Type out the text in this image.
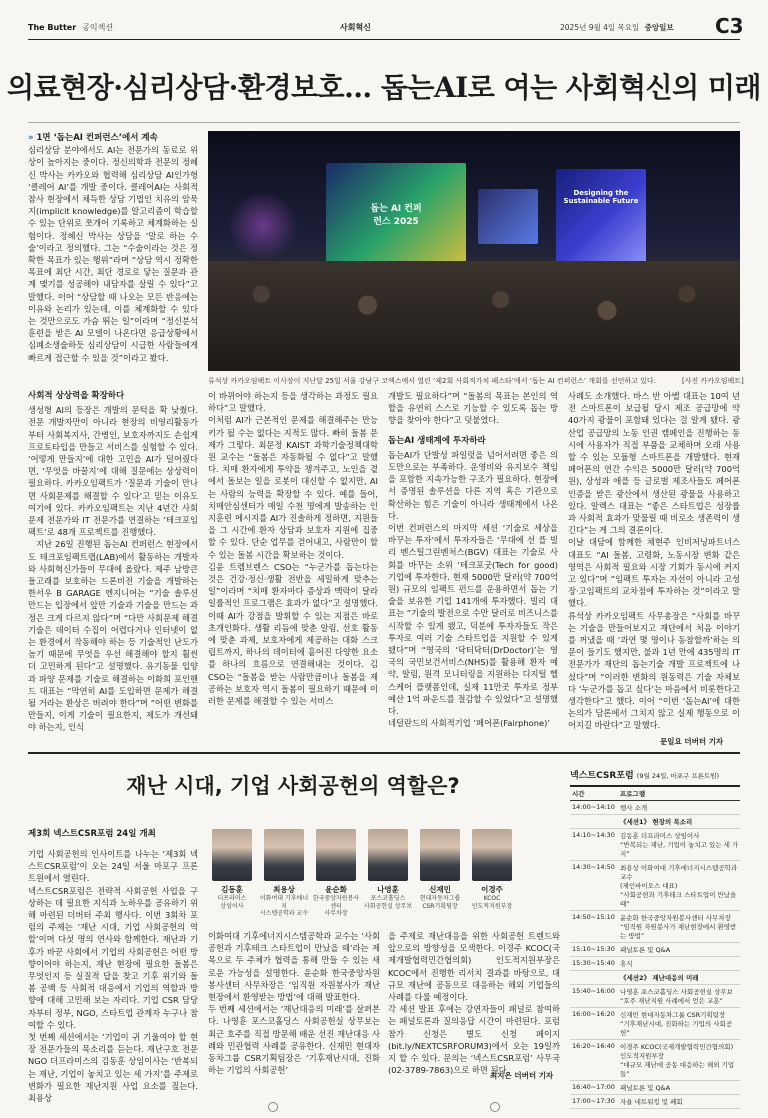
The Butter 공익섹션	사회혁신	2025년 9월 4일 목요일 중앙일보 C3
의료현장·심리상담·환경보호… 돕는AI로 여는 사회혁신의 미래
» 1면 ‘돕는AI 컨퍼런스’에서 계속
심리상담 분야에서도 AI는 전문가의 동료로 위상이 높아지는 중이다. 정신의학과 전문의 정혜신 박사는 카카오와 협력해 심리상담 AI인가형 ‘클레어 AI’를 개발 중이다. 클레어AI는 사회적 참사 현장에서 체득한 상담 기법인 치유의 암묵지(implicit knowledge)를 알고리즘이 학습할 수 있는 단위로 쪼개어 기록하고 체계화하는 실험이다. 정혜신 박사는 상담을 ‘말로 하는 수술’이라고 정의했다. 그는 “수술이라는 것은 정확한 목표가 있는 행위”라며 “상담 역시 정확한 목표에 최단 시간, 최단 경로로 닿는 질문과 관계 맺기를 성공해야 내담자를 살릴 수 있다”고 말했다. 이어 “상담할 때 나오는 모든 반응에는 이유와 논리가 있는데, 이를 체계화할 수 있다는 것만으로도 가슴 뛰는 일”이라며 “정신분석 훈련을 받은 AI 모델이 나온다면 응급상황에서 심폐소생술하듯 심리상담이 시급한 사람들에게 빠르게 접근할 수 있을 것”이라고 봤다.
돕는 AI 컨퍼런스 2025
Designing the Sustainable Future
류석상 카카오임팩트 이사장이 지난달 25일 서울 강남구 코엑스에서 열린 ‘제2회 사회적가치 페스타’에서 ‘돕는 AI 컨퍼런스’ 개회를 선언하고 있다.	[사진 카카오임팩트]
사회적 상상력을 확장하다
생성형 AI의 등장은 개발의 문턱을 확 낮췄다. 전문 개발자만이 아니라 현장의 비영리활동가부터 사회복지사, 간병인, 보호자까지도 손쉽게 프로토타입을 만들고 서비스를 실험할 수 있다. ‘어떻게 만들지’에 대한 고민을 AI가 덜어줬다면, ‘무엇을 바꿀지’에 대해 질문에는 상상력이 필요하다. 카카오임팩트가 ‘질문과 기술이 만나면 사회문제를 해결할 수 있다’고 믿는 이유도 여기에 있다. 카카오임팩트는 지난 4년간 사회문제 전문가와 IT 전문가를 연결하는 ‘테크포임팩트’로 48개 프로젝트를 진행했다.
지난 26일 진행된 돕는AI 컨퍼런스 현장에서도 테크포임팩트랩(LAB)에서 활동하는 개발자와 사회혁신가들이 무대에 올랐다. 제주 남방큰돌고래를 보호하는 드론비전 기술을 개발하는 한서우 B GARAGE 엔지니어는 “기술 솔루션 만드는 입장에서 앞만 기술과 기술을 만드는 과정은 크게 다르지 않다”며 “다만 사회문제 해결 기술은 데이터 수집이 어렵다거나 인터넷이 없는 환경에서 작동해야 하는 등 기술적인 난도가 높기 때문에 무엇을 우선 해결해야 할지 훨씬 더 고민하게 된다”고 설명했다. 유기동물 입양과 파양 문제를 기술로 해결하는 이화희 포인핸드 대표는 “막연히 AI를 도입하면 문제가 해결될 거라는 환상은 버려야 한다”며 “어떤 변화를 만들지, 이게 기술이 필요한지, 제도가 개선돼야 하는지, 인식
이 바뀌어야 하는지 등을 생각하는 과정도 필요하다”고 말했다.
이처럼 AI가 근본적인 문제를 해결해주는 만능키가 될 수는 없다는 지적도 많다. 빠히 돌봄 문제가 그렇다. 최문정 KAIST 과학기술정책대학원 교수는 “돌봄은 자동화될 수 없다”고 말했다. 치매 환자에게 투약을 챙겨주고, 노인을 곁에서 돌보는 일을 로봇이 대신할 수 없지만, AI는 사람의 능력을 확장할 수 있다. 예를 들어, 치매안심센터가 매일 수천 명에게 발송하는 인지훈련 메시지를 AI가 진솔하게 정하면, 지원들을 그 시간에 환자 상담과 보호자 지원에 집중할 수 있다. 단순 업무를 걷어내고, 사람만이 할 수 있는 돌봄 시간을 확보하는 것이다.
김윤 트렘브렌스 CSO는 “누군가를 돕는다는 것은 건강·정신·생활 전반을 세밀하게 맞추는 일”이라며 “치매 환자마다 증상과 맥락이 달라 일률적인 프로그램은 효과가 없다”고 설명했다. 이때 AI가 강점을 발휘할 수 있는 지점은 바로 초개인화다. 생활 리듬에 맞춘 알림, 선호 활동에 맞춘 과제, 보호자에게 제공하는 대화 스크립트까지, 하나의 데이터에 흩어진 다양한 요소를 하나의 흐름으로 연결해내는 것이다. 김 CSO는 “돌봄을 받는 사람만큼이나 돌봄을 제공하는 보호자 역시 돌봄이 필요하기 때문에 이러한 문제를 해결할 수 있는 서비스
개발도 필요하다”며 “돌봄의 목표는 본인의 역할을 유연히 스스로 기능할 수 있도록 돕는 방향을 찾아야 한다”고 덧붙였다.
돕는AI 생태계에 투자하라
돕는AI가 단발성 파일럿을 넘어서려면 좋은 의도만으로는 부족하다. 운영비와 유지보수 책임을 포함한 지속가능한 구조가 필요하다. 현장에서 증명된 솔루션을 다른 지역 혹은 기관으로 확산하는 힘은 기술이 아니라 생태계에서 나온다.
이번 컨퍼런스의 마지막 세션 ‘기술로 세상을 바꾸는 투자’에서 투자자들은 ‘무대에 선 플 빌리 벤스틸그린벤처스(BGV) 대표는 기술로 사회를 바꾸는 소위 ‘테크포굿(Tech for good) 기업에 투자한다. 현재 5000만 달러(약 700억원) 규모의 임팩트 펀드를 운용하면서 돕는 기술을 보유한 기업 141개에 투자했다. 빌리 대표는 “기술의 발전으로 수만 달러로 비즈니스를 시작할 수 있게 됐고, 덕분에 투자자들도 작은 투자로 여러 기술 스타트업을 지원할 수 있게 됐다”며 “영국의 ‘닥터닥터(DrDoctor)’는 영국의 국민보건서비스(NHS)를 활용해 환자 예약, 알림, 원격 모니터링을 지원하는 디지털 헬스케어 플랫폼인데, 실제 11만곳 투자로 정부 예산 1억 파운드를 절감할 수 있었다”고 설명했다.
네덜란드의 사회적기업 ‘페어폰(Fairphone)’
사례도 소개했다. 바스 반 아벨 대표는 10여 년 전 스마트폰이 보급될 당시 제조 공급망에 약 40가지 광물이 포함돼 있다는 걸 알게 됐다. 광산업 공급망의 노동 인권 캠페인을 진행하는 동시에 사용자가 직접 부품을 교체하며 오래 사용할 수 있는 모듈형 스마트폰을 개발했다. 현재 페어폰의 연간 수익은 5000만 달러(약 700억원), 상성과 애플 등 글로벌 제조사들도 페어폰 인증을 받은 광산에서 생산된 광물을 사용하고 있다. 알렉스 대표는 “좋은 스타트업은 성장률과 사회적 효과가 맞물릴 때 비로소 생존력이 생긴다”는 게 그의 결론이다.
이날 대담에 함께한 채현주 인비저닝파트너스 대표도 “AI 돌봄, 고령화, 노동시장 변화 같은 영역은 사회적 필요와 시장 기회가 동시에 커지고 있다”며 “임팩트 투자는 자선이 아니라 고성장·고임팩트의 교차점에 투자하는 것”이라고 말했다.
류석상 카카오임팩트 사무총장은 “사회를 바꾸는 기술을 만들어보지고 재단에서 처음 이야기를 꺼냈을 때 ‘과연 몇 명이나 동참할까’하는 의문이 들기도 했지만, 불과 1년 만에 435명의 IT전문가가 재단의 돕는기술 개발 프로젝트에 나섰다”며 “이러한 변화의 원동력은 기술 자체보다 ‘누군가를 돕고 싶다’는 마음에서 비롯한다고 생각한다”고 했다. 이어 “이번 ‘돕는AI’에 대한 논의가 담론에서 그치지 않고 실제 행동으로 이어지길 바란다”고 말했다.
문일요 더버터 기자
재난 시대, 기업 사회공헌의 역할은?
제3회 넥스트CSR포럼 24일 개최
기업 사회공헌의 인사이트를 나누는 ‘제3회 넥스트CSR포럼’이 오는 24일 서울 마포구 프론트원에서 열린다.
넥스트CSR포럼은 전략적 사회공헌 사업을 구상하는 데 필요한 지식과 노하우를 공유하기 위해 마련된 더버터 주최 행사다. 이번 3회차 포럼의 주제는 ‘재난 시대, 기업 사회공헌의 역할’이며 다섯 명의 연사와 함께한다. 재난과 기후가 바꾼 사회에서 기업의 사회공헌은 어떤 방향이어야 하는지, 재난 현장에 필요한 돌봄은 무엇인지 등 실질적 답을 찾고 기후 위기와 돌봄 공백 등 사회적 대응에서 기업의 역할과 방향에 대해 고민해 보는 자리다. 기업 CSR 담당자부터 정부, NGO, 스타트업 관계자 누구나 참여할 수 있다.
첫 번째 세션에서는 ‘기업이 귀 기울여야 할 현장 전문가들의 목소리를 듣는다. 재난구호 전문 NGO 더프라미스의 김동훈 상임이사는 ‘반복되는 재난, 기업이 놓치고 있는 세 가지’를 주제로 변화가 필요한 재난지원 사업 요소를 짚는다. 최용상
김동훈
더프라미스
상임이사
최용상
이화여대 기후에너지
시스템공학과 교수
윤순화
한국중앙자원봉사센터
사무차장
나영훈
포스코홀딩스
사회공헌실 상무보
신재민
현대자동차그룹
CSR기획팀장
이경주
KCOC
인도적지원부장
이화여대 기후에너지시스템공학과 교수는 ‘사회공헌과 기후테크 스타트업이 만났을 때’라는 제목으로 두 주체가 협력을 통해 만들 수 있는 새로운 가능성을 설명한다. 윤순화 한국중앙자원봉사센터 사무차장은 ‘임직원 자원봉사가 재난현장에서 환영받는 방법’에 대해 발표한다.
두 번째 세션에서는 ‘재난대응의 미래’를 살펴본다. 나영훈 포스코홀딩스 사회공헌실 상무보는 최근 호주를 직접 방문해 배운 선진 재난대응 사례와 민관협력 사례를 공유한다. 신재민 현대자동차그룹 CSR기획팀장은 ‘기후재난시대, 진화하는 기업의 사회공헌’
을 주제로 재난대응을 위한 사회공헌 트렌드와 앞으로의 방향성을 모색한다. 이경주 KCOC(국제개발협력민간협의회) 인도적지원부장은 KCOC에서 진행한 리서치 결과를 바탕으로, 대규모 재난에 공동으로 대응하는 해외 기업들의 사례를 다룰 예정이다.
각 세션 발표 후에는 강연자들이 패널로 참여하는 패널토론과 질의응답 시간이 마련된다. 포럼 참가 신청은 별도 신청 페이지(bit.ly/NEXTCSRFORUM3)에서 오는 19일까지 할 수 있다. 문의는 ‘넥스트CSR포럼’ 사무국(02-3789-7863)으로 하면 된다.
최지은 더버터 기자
넥스트CSR포럼 (9월 24일, 마포구 프론트원)
시간	프로그램
14:00~14:10 행사 소개
《세션1》 현장의 목소리
14:10~14:30 김동훈 더프라미스 상임이사
“반복되는 재난, 기업이 놓치고 있는 세 가지”
14:30~14:50 최용상 이화여대 기후에너지시스템공학과 교수
(제인바이오스 대표)
“사회공헌과 기후테크 스타트업이 만났을 때”
14:50~15:10 윤순화 한국중앙자원봉사센터 사무차장
“임직원 자원봉사가 재난현장에서 환영받는 방법”
15:10~15:30 패널토론 및 Q&A
15:30~15:40 휴식
《세션2》 재난대응의 미래
15:40~16:00 나영훈 포스코홀딩스 사회공헌실 상무보
“호주 재난지원 사례에서 얻은 교훈”
16:00~16:20 신재민 현대자동차그룹 CSR기획팀장
“기후재난시대, 진화하는 기업의 사회공헌”
16:20~16:40 이경주 KCOC(국제개발협력민간협의회)
인도적지원부장
“대규모 재난에 공동 대응하는 해외 기업들”
16:40~17:00 패널토론 및 Q&A
17:00~17:30 자율 네트워킹 및 폐회
